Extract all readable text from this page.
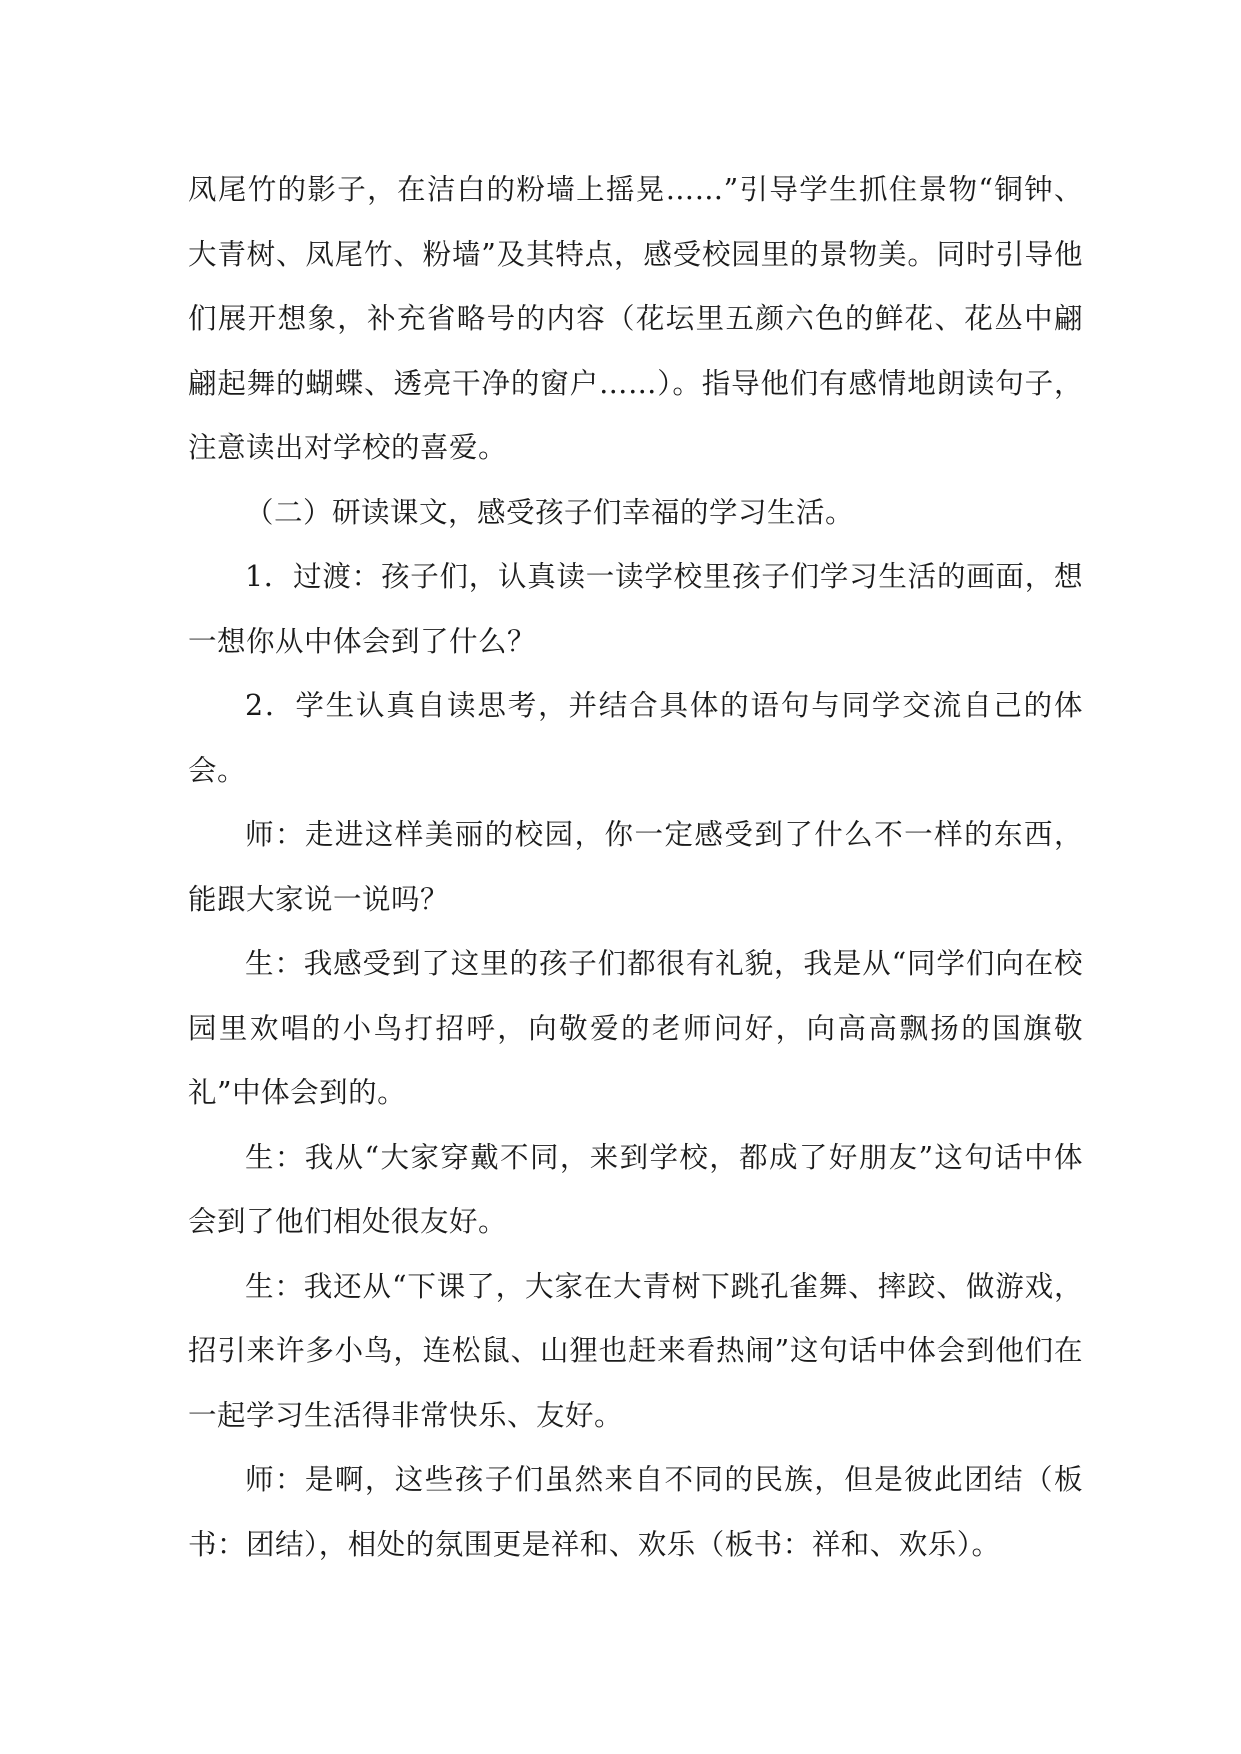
凤尾竹的影子，在洁白的粉墙上摇晃……”引导学生抓住景物“铜钟、大青树、凤尾竹、粉墙”及其特点，感受校园里的景物美。同时引导他们展开想象，补充省略号的内容（花坛里五颜六色的鲜花、花丛中翩翩起舞的蝴蝶、透亮干净的窗户……）。指导他们有感情地朗读句子，注意读出对学校的喜爱。

（二）研读课文，感受孩子们幸福的学习生活。

1．过渡：孩子们，认真读一读学校里孩子们学习生活的画面，想一想你从中体会到了什么？

2．学生认真自读思考，并结合具体的语句与同学交流自己的体会。

师：走进这样美丽的校园，你一定感受到了什么不一样的东西，能跟大家说一说吗？

生：我感受到了这里的孩子们都很有礼貌，我是从“同学们向在校园里欢唱的小鸟打招呼，向敬爱的老师问好，向高高飘扬的国旗敬礼”中体会到的。

生：我从“大家穿戴不同，来到学校，都成了好朋友”这句话中体会到了他们相处很友好。

生：我还从“下课了，大家在大青树下跳孔雀舞、摔跤、做游戏，招引来许多小鸟，连松鼠、山狸也赶来看热闹”这句话中体会到他们在一起学习生活得非常快乐、友好。

师：是啊，这些孩子们虽然来自不同的民族，但是彼此团结（板书：团结），相处的氛围更是祥和、欢乐（板书：祥和、欢乐）。
